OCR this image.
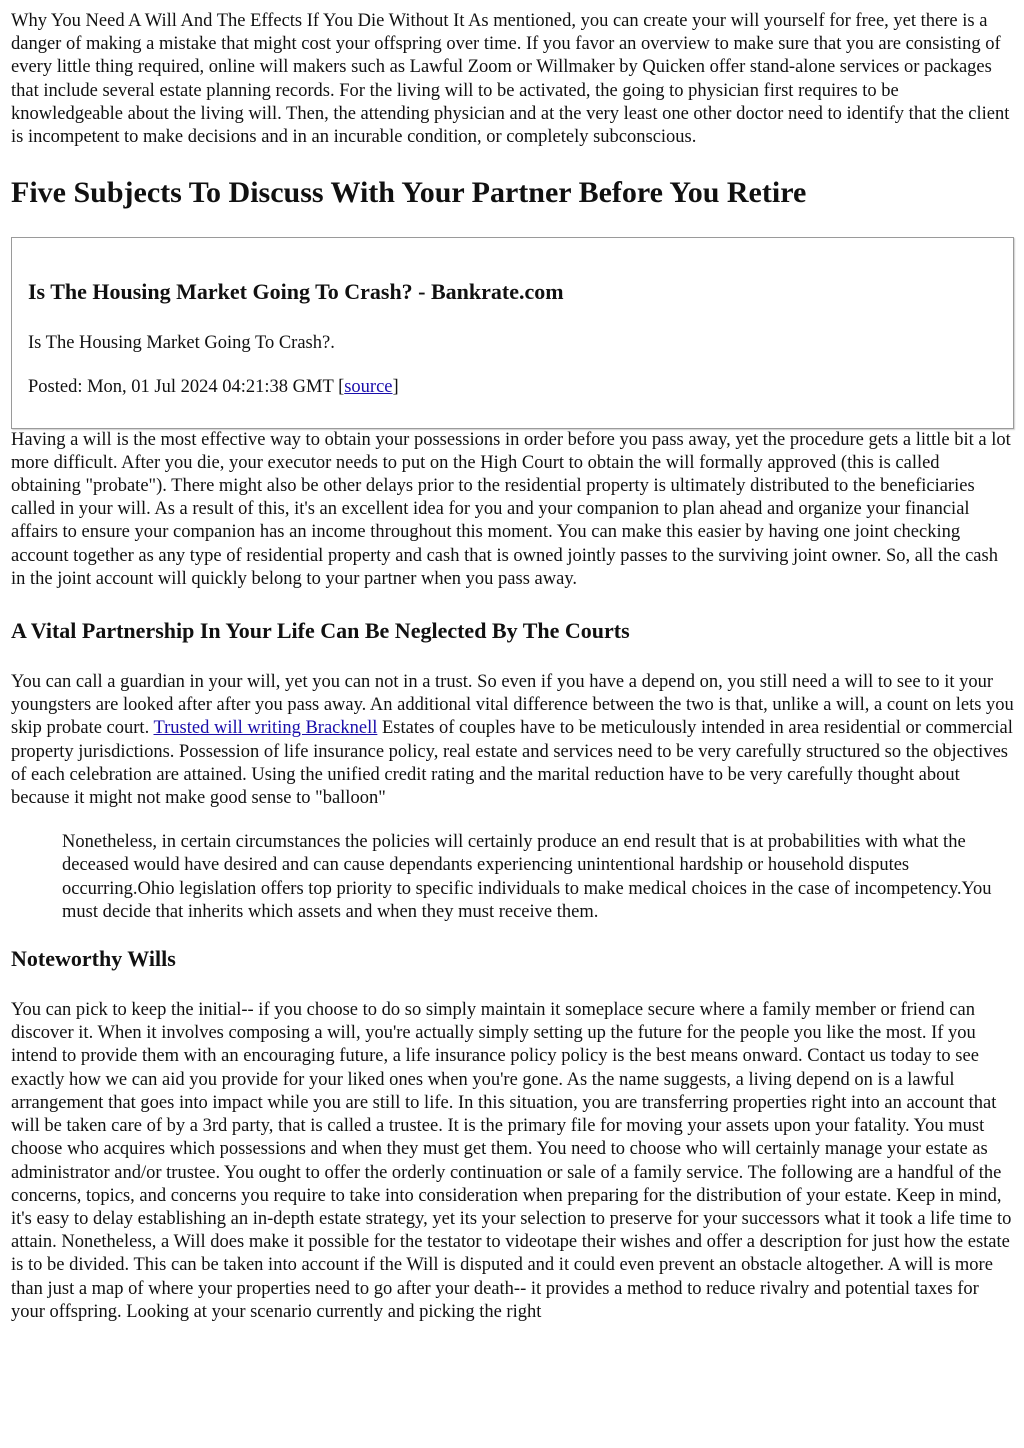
Why You Need A Will And The Effects If You Die Without It As mentioned, you can create your will yourself for free, yet there is a danger of making a mistake that might cost your offspring over time. If you favor an overview to make sure that you are consisting of every little thing required, online will makers such as Lawful Zoom or Willmaker by Quicken offer stand-alone services or packages that include several estate planning records. For the living will to be activated, the going to physician first requires to be knowledgeable about the living will. Then, the attending physician and at the very least one other doctor need to identify that the client is incompetent to make decisions and in an incurable condition, or completely subconscious.

Five Subjects To Discuss With Your Partner Before You Retire
Is The Housing Market Going To Crash? - Bankrate.com

Is The Housing Market Going To Crash?.

Posted: Mon, 01 Jul 2024 04:21:38 GMT [source]

Having a will is the most effective way to obtain your possessions in order before you pass away, yet the procedure gets a little bit a lot more difficult. After you die, your executor needs to put on the High Court to obtain the will formally approved (this is called obtaining "probate"). There might also be other delays prior to the residential property is ultimately distributed to the beneficiaries called in your will. As a result of this, it's an excellent idea for you and your companion to plan ahead and organize your financial affairs to ensure your companion has an income throughout this moment. You can make this easier by having one joint checking account together as any type of residential property and cash that is owned jointly passes to the surviving joint owner. So, all the cash in the joint account will quickly belong to your partner when you pass away.

A Vital Partnership In Your Life Can Be Neglected By The Courts

You can call a guardian in your will, yet you can not in a trust. So even if you have a depend on, you still need a will to see to it your youngsters are looked after after you pass away. An additional vital difference between the two is that, unlike a will, a count on lets you skip probate court. Trusted will writing Bracknell Estates of couples have to be meticulously intended in area residential or commercial property jurisdictions. Possession of life insurance policy, real estate and services need to be very carefully structured so the objectives of each celebration are attained. Using the unified credit rating and the marital reduction have to be very carefully thought about because it might not make good sense to "balloon"

Nonetheless, in certain circumstances the policies will certainly produce an end result that is at probabilities with what the deceased would have desired and can cause dependants experiencing unintentional hardship or household disputes occurring.Ohio legislation offers top priority to specific individuals to make medical choices in the case of incompetency.You must decide that inherits which assets and when they must receive them.
Noteworthy Wills

You can pick to keep the initial-- if you choose to do so simply maintain it someplace secure where a family member or friend can discover it. When it involves composing a will, you're actually simply setting up the future for the people you like the most. If you intend to provide them with an encouraging future, a life insurance policy policy is the best means onward. Contact us today to see exactly how we can aid you provide for your liked ones when you're gone. As the name suggests, a living depend on is a lawful arrangement that goes into impact while you are still to life. In this situation, you are transferring properties right into an account that will be taken care of by a 3rd party, that is called a trustee. It is the primary file for moving your assets upon your fatality. You must choose who acquires which possessions and when they must get them. You need to choose who will certainly manage your estate as administrator and/or trustee. You ought to offer the orderly continuation or sale of a family service. The following are a handful of the concerns, topics, and concerns you require to take into consideration when preparing for the distribution of your estate. Keep in mind, it's easy to delay establishing an in-depth estate strategy, yet its your selection to preserve for your successors what it took a life time to attain. Nonetheless, a Will does make it possible for the testator to videotape their wishes and offer a description for just how the estate is to be divided. This can be taken into account if the Will is disputed and it could even prevent an obstacle altogether. A will is more than just a map of where your properties need to go after your death-- it provides a method to reduce rivalry and potential taxes for your offspring. Looking at your scenario currently and picking the right
